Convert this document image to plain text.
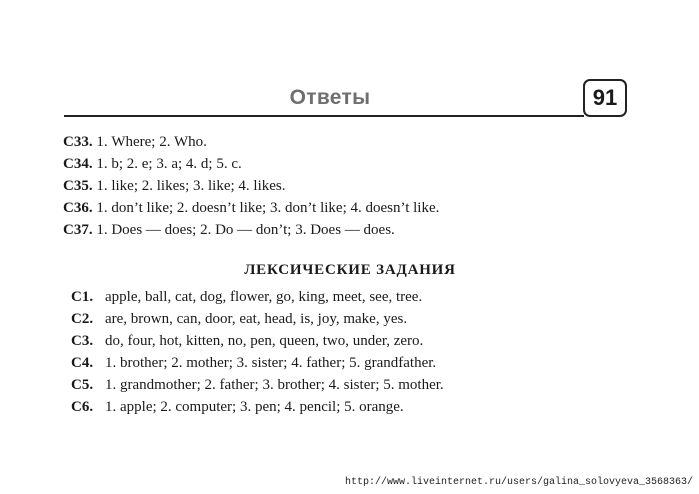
Ответы	91
С33. 1. Where; 2. Who.
С34. 1. b; 2. e; 3. a; 4. d; 5. c.
С35. 1. like; 2. likes; 3. like; 4. likes.
С36. 1. don’t like; 2. doesn’t like; 3. don’t like; 4. doesn’t like.
С37. 1. Does — does; 2. Do — don’t; 3. Does — does.
ЛЕКСИЧЕСКИЕ ЗАДАНИЯ
С1. apple, ball, cat, dog, flower, go, king, meet, see, tree.
С2. are, brown, can, door, eat, head, is, joy, make, yes.
С3. do, four, hot, kitten, no, pen, queen, two, under, zero.
С4. 1. brother; 2. mother; 3. sister; 4. father; 5. grandfather.
С5. 1. grandmother; 2. father; 3. brother; 4. sister; 5. mother.
С6. 1. apple; 2. computer; 3. pen; 4. pencil; 5. orange.
http://www.liveinternet.ru/users/galina_solovyeva_3568363/
